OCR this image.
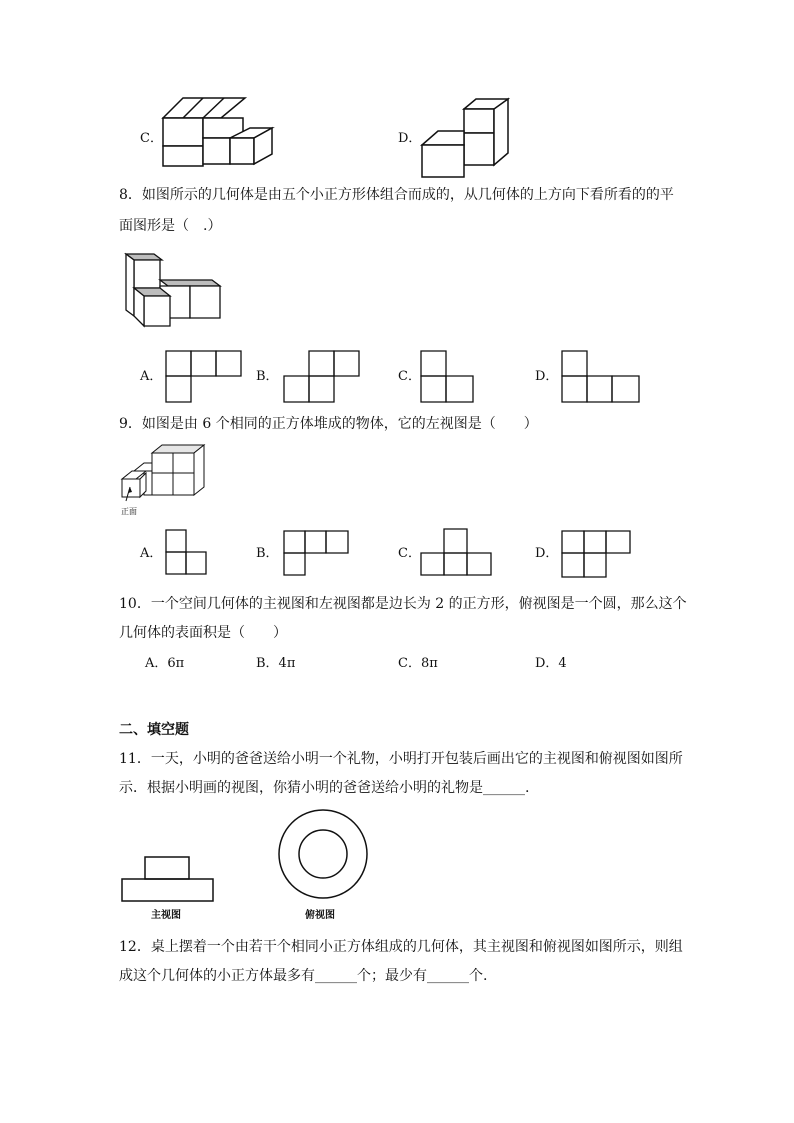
C．	D．
8．如图所示的几何体是由五个小正方形体组合而成的，从几何体的上方向下看所看的的平
面图形是（　.）
A．	B．	C．	D．
9．如图是由 6 个相同的正方体堆成的物体，它的左视图是（　　）
正面
A．	B．	C．	D．
10．一个空间几何体的主视图和左视图都是边长为 2 的正方形，俯视图是一个圆，那么这个
几何体的表面积是（　　）
A．6π	B．4π	C．8π	D．4
二、填空题
11．一天，小明的爸爸送给小明一个礼物，小明打开包装后画出它的主视图和俯视图如图所
示．根据小明画的视图，你猜小明的爸爸送给小明的礼物是______.
主视图	俯视图
12．桌上摆着一个由若干个相同小正方体组成的几何体，其主视图和俯视图如图所示，则组
成这个几何体的小正方体最多有______个；最少有______个.
